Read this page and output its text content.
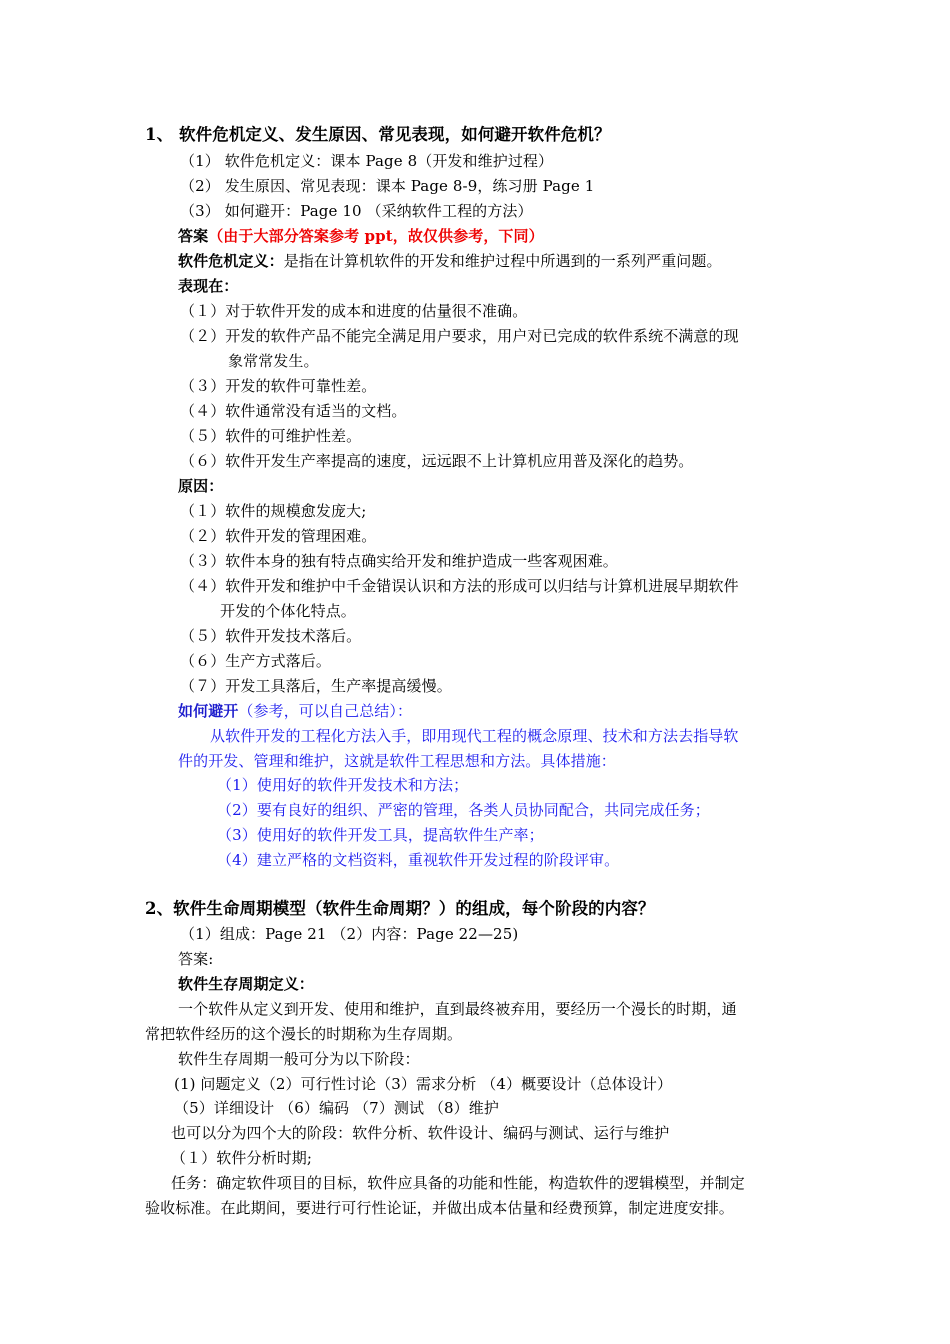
1、 软件危机定义、发生原因、常见表现，如何避开软件危机？
（1） 软件危机定义：课本 Page 8（开发和维护过程）
（2） 发生原因、常见表现：课本 Page 8-9，练习册 Page 1
（3） 如何避开：Page 10 （采纳软件工程的方法）
答案（由于大部分答案参考 ppt，故仅供参考，下同）
软件危机定义：是指在计算机软件的开发和维护过程中所遇到的一系列严重问题。
表现在：
（１）对于软件开发的成本和进度的估量很不准确。
（２）开发的软件产品不能完全满足用户要求，用户对已完成的软件系统不满意的现
象常常发生。
（３）开发的软件可靠性差。
（４）软件通常没有适当的文档。
（５）软件的可维护性差。
（６）软件开发生产率提高的速度，远远跟不上计算机应用普及深化的趋势。
原因：
（１）软件的规模愈发庞大;
（２）软件开发的管理困难。
（３）软件本身的独有特点确实给开发和维护造成一些客观困难。
（４）软件开发和维护中千金错误认识和方法的形成可以归结与计算机进展早期软件
开发的个体化特点。
（５）软件开发技术落后。
（６）生产方式落后。
（７）开发工具落后，生产率提高缓慢。
如何避开（参考，可以自己总结）：
从软件开发的工程化方法入手，即用现代工程的概念原理、技术和方法去指导软
件的开发、管理和维护，这就是软件工程思想和方法。具体措施：
（1）使用好的软件开发技术和方法；
（2）要有良好的组织、严密的管理，各类人员协同配合，共同完成任务；
（3）使用好的软件开发工具，提高软件生产率；
（4）建立严格的文档资料，重视软件开发过程的阶段评审。
2、软件生命周期模型（软件生命周期？）的组成，每个阶段的内容？
（1）组成：Page 21 （2）内容：Page 22—25)
答案:
软件生存周期定义：
一个软件从定义到开发、使用和维护，直到最终被弃用，要经历一个漫长的时期，通
常把软件经历的这个漫长的时期称为生存周期。
软件生存周期一般可分为以下阶段：
(1) 问题定义（2）可行性讨论（3）需求分析 （4）概要设计（总体设计）
（5）详细设计 （6）编码 （7）测试 （8）维护
也可以分为四个大的阶段：软件分析、软件设计、编码与测试、运行与维护
（１）软件分析时期;
任务：确定软件项目的目标，软件应具备的功能和性能，构造软件的逻辑模型，并制定
验收标准。在此期间，要进行可行性论证，并做出成本估量和经费预算，制定进度安排。
